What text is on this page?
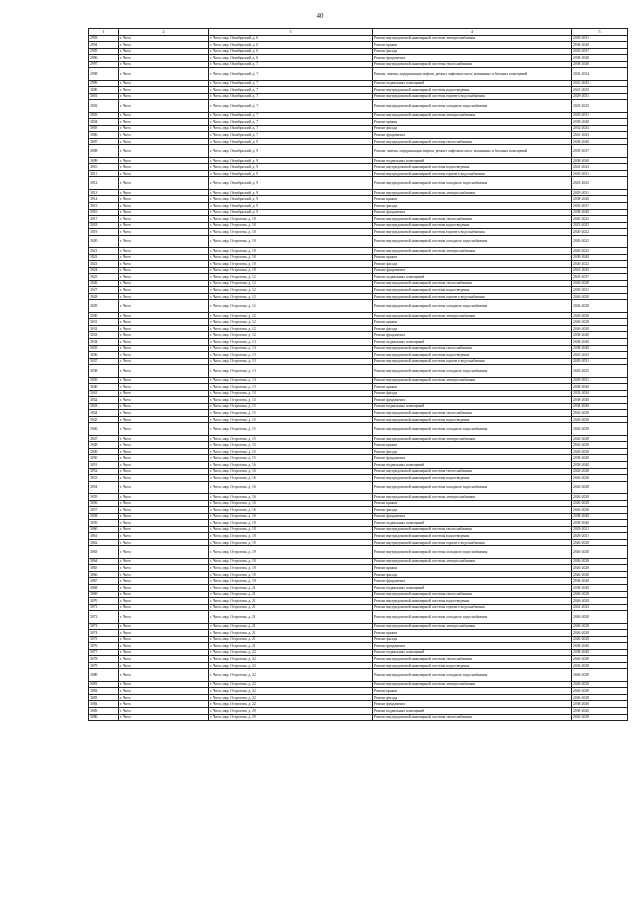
40
1	2	3	4	5
2993	г. Чита	г. Чита, мкр. Октябрьский, д. 6	Ремонт внутридомовой инженерной системы электроснабжения	2029-2031
2994	г. Чита	г. Чита, мкр. Октябрьский, д. 6	Ремонт крыши	2038-2040
2995	г. Чита	г. Чита, мкр. Октябрьский, д. 6	Ремонт фасада	2035-2037
2996	г. Чита	г. Чита, мкр. Октябрьский, д. 6	Ремонт фундамента	2038-2040
2997	г. Чита	г. Чита, мкр. Октябрьский, д. 7	Ремонт внутридомовой инженерной системы теплоснабжения	2038-2040
2998	г. Чита	г. Чита, мкр. Октябрьский, д. 7	Ремонт, замена, модернизация лифтов, ремонт лифтовых шахт, машинных и блочных помещений	2032-2034
2999	г. Чита	г. Чита, мкр. Октябрьский, д. 7	Ремонт подвальных помещений	2041-2043
3000	г. Чита	г. Чита, мкр. Октябрьский, д. 7	Ремонт внутридомовой инженерной системы водоотведения	2041-2043
3001	г. Чита	г. Чита, мкр. Октябрьский, д. 7	Ремонт внутридомовой инженерной системы горячего водоснабжения	2029-2031
3002	г. Чита	г. Чита, мкр. Октябрьский, д. 7	Ремонт внутридомовой инженерной системы холодного водоснабжения	2023-2025
3003	г. Чита	г. Чита, мкр. Октябрьский, д. 7	Ремонт внутридомовой инженерной системы электроснабжения	2029-2031
3004	г. Чита	г. Чита, мкр. Октябрьский, д. 7	Ремонт крыши	2038-2040
3005	г. Чита	г. Чита, мкр. Октябрьский, д. 7	Ремонт фасада	2032-2034
3006	г. Чита	г. Чита, мкр. Октябрьский, д. 7	Ремонт фундамента	2041-2043
3007	г. Чита	г. Чита, мкр. Октябрьский, д. 9	Ремонт внутридомовой инженерной системы теплоснабжения	2038-2040
3008	г. Чита	г. Чита, мкр. Октябрьский, д. 9	Ремонт, замена, модернизация лифтов, ремонт лифтовых шахт, машинных и блочных помещений	2035-2037
3009	г. Чита	г. Чита, мкр. Октябрьский, д. 9	Ремонт подвальных помещений	2038-2040
3010	г. Чита	г. Чита, мкр. Октябрьский, д. 9	Ремонт внутридомовой инженерной системы водоотведения	2041-2043
3011	г. Чита	г. Чита, мкр. Октябрьский, д. 9	Ремонт внутридомовой инженерной системы горячего водоснабжения	2029-2031
3012	г. Чита	г. Чита, мкр. Октябрьский, д. 9	Ремонт внутридомовой инженерной системы холодного водоснабжения	2023-2025
3013	г. Чита	г. Чита, мкр. Октябрьский, д. 9	Ремонт внутридомовой инженерной системы электроснабжения	2029-2031
3014	г. Чита	г. Чита, мкр. Октябрьский, д. 9	Ремонт крыши	2038-2040
3015	г. Чита	г. Чита, мкр. Октябрьский, д. 9	Ремонт фасада	2035-2037
3016	г. Чита	г. Чита, мкр. Октябрьский, д. 9	Ремонт фундамента	2038-2040
3017	г. Чита	г. Чита, мкр. Острогова, д. 10	Ремонт внутридомовой инженерной системы теплоснабжения	2020-2022
3018	г. Чита	г. Чита, мкр. Острогова, д. 10	Ремонт внутридомовой инженерной системы водоотведения	2023-2025
3019	г. Чита	г. Чита, мкр. Острогова, д. 10	Ремонт внутридомовой инженерной системы горячего водоснабжения	2020-2022
3020	г. Чита	г. Чита, мкр. Острогова, д. 10	Ремонт внутридомовой инженерной системы холодного водоснабжения	2020-2022
3021	г. Чита	г. Чита, мкр. Острогова, д. 10	Ремонт внутридомовой инженерной системы электроснабжения	2020-2022
3022	г. Чита	г. Чита, мкр. Острогова, д. 10	Ремонт крыши	2038-2040
3023	г. Чита	г. Чита, мкр. Острогова, д. 10	Ремонт фасада	2020-2022
3024	г. Чита	г. Чита, мкр. Острогова, д. 10	Ремонт фундамента	2041-2043
3025	г. Чита	г. Чита, мкр. Острогова, д. 12	Ремонт подвальных помещений	2035-2037
3026	г. Чита	г. Чита, мкр. Острогова, д. 12	Ремонт внутридомовой инженерной системы теплоснабжения	2026-2028
3027	г. Чита	г. Чита, мкр. Острогова, д. 12	Ремонт внутридомовой инженерной системы водоотведения	2029-2031
3028	г. Чита	г. Чита, мкр. Острогова, д. 12	Ремонт внутридомовой инженерной системы горячего водоснабжения	2026-2028
3029	г. Чита	г. Чита, мкр. Острогова, д. 12	Ремонт внутридомовой инженерной системы холодного водоснабжения	2026-2028
3030	г. Чита	г. Чита, мкр. Острогова, д. 12	Ремонт внутридомовой инженерной системы электроснабжения	2026-2028
3031	г. Чита	г. Чита, мкр. Острогова, д. 12	Ремонт крыши	2026-2028
3032	г. Чита	г. Чита, мкр. Острогова, д. 12	Ремонт фасада	2026-2028
3033	г. Чита	г. Чита, мкр. Острогова, д. 12	Ремонт фундамента	2038-2040
3034	г. Чита	г. Чита, мкр. Острогова, д. 13	Ремонт подвальных помещений	2038-2040
3035	г. Чита	г. Чита, мкр. Острогова, д. 13	Ремонт внутридомовой инженерной системы теплоснабжения	2038-2040
3036	г. Чита	г. Чита, мкр. Острогова, д. 13	Ремонт внутридомовой инженерной системы водоотведения	2041-2043
3037	г. Чита	г. Чита, мкр. Острогова, д. 13	Ремонт внутридомовой инженерной системы горячего водоснабжения	2029-2031
3038	г. Чита	г. Чита, мкр. Острогова, д. 13	Ремонт внутридомовой инженерной системы холодного водоснабжения	2023-2025
3039	г. Чита	г. Чита, мкр. Острогова, д. 13	Ремонт внутридомовой инженерной системы электроснабжения	2029-2031
3040	г. Чита	г. Чита, мкр. Острогова, д. 13	Ремонт крыши	2038-2040
3041	г. Чита	г. Чита, мкр. Острогова, д. 13	Ремонт фасада	2032-2034
3042	г. Чита	г. Чита, мкр. Острогова, д. 13	Ремонт фундамента	2038-2040
3043	г. Чита	г. Чита, мкр. Острогова, д. 15	Ремонт подвальных помещений	2038-2040
3044	г. Чита	г. Чита, мкр. Острогова, д. 15	Ремонт внутридомовой инженерной системы теплоснабжения	2026-2028
3045	г. Чита	г. Чита, мкр. Острогова, д. 15	Ремонт внутридомовой инженерной системы водоотведения	2026-2028
3046	г. Чита	г. Чита, мкр. Острогова, д. 15	Ремонт внутридомовой инженерной системы холодного водоснабжения	2026-2028
3047	г. Чита	г. Чита, мкр. Острогова, д. 15	Ремонт внутридомовой инженерной системы электроснабжения	2026-2028
3048	г. Чита	г. Чита, мкр. Острогова, д. 15	Ремонт крыши	2026-2028
3049	г. Чита	г. Чита, мкр. Острогова, д. 15	Ремонт фасада	2026-2028
3050	г. Чита	г. Чита, мкр. Острогова, д. 15	Ремонт фундамента	2038-2040
3051	г. Чита	г. Чита, мкр. Острогова, д. 16	Ремонт подвальных помещений	2038-2040
3052	г. Чита	г. Чита, мкр. Острогова, д. 16	Ремонт внутридомовой инженерной системы теплоснабжения	2026-2028
3053	г. Чита	г. Чита, мкр. Острогова, д. 16	Ремонт внутридомовой инженерной системы водоотведения	2026-2028
3054	г. Чита	г. Чита, мкр. Острогова, д. 16	Ремонт внутридомовой инженерной системы холодного водоснабжения	2026-2028
3055	г. Чита	г. Чита, мкр. Острогова, д. 16	Ремонт внутридомовой инженерной системы электроснабжения	2026-2028
3056	г. Чита	г. Чита, мкр. Острогова, д. 16	Ремонт крыши	2026-2028
3057	г. Чита	г. Чита, мкр. Острогова, д. 16	Ремонт фасада	2026-2028
3058	г. Чита	г. Чита, мкр. Острогова, д. 16	Ремонт фундамента	2038-2040
3059	г. Чита	г. Чита, мкр. Острогова, д. 19	Ремонт подвальных помещений	2038-2040
3060	г. Чита	г. Чита, мкр. Острогова, д. 19	Ремонт внутридомовой инженерной системы теплоснабжения	2029-2031
3061	г. Чита	г. Чита, мкр. Острогова, д. 19	Ремонт внутридомовой инженерной системы водоотведения	2029-2031
3062	г. Чита	г. Чита, мкр. Острогова, д. 19	Ремонт внутридомовой инженерной системы горячего водоснабжения	2026-2028
3063	г. Чита	г. Чита, мкр. Острогова, д. 19	Ремонт внутридомовой инженерной системы холодного водоснабжения	2026-2028
3064	г. Чита	г. Чита, мкр. Острогова, д. 19	Ремонт внутридомовой инженерной системы электроснабжения	2026-2028
3065	г. Чита	г. Чита, мкр. Острогова, д. 19	Ремонт крыши	2026-2028
3066	г. Чита	г. Чита, мкр. Острогова, д. 19	Ремонт фасада	2026-2028
3067	г. Чита	г. Чита, мкр. Острогова, д. 19	Ремонт фундамента	2038-2040
3068	г. Чита	г. Чита, мкр. Острогова, д. 21	Ремонт подвальных помещений	2038-2040
3069	г. Чита	г. Чита, мкр. Острогова, д. 21	Ремонт внутридомовой инженерной системы теплоснабжения	2026-2028
3070	г. Чита	г. Чита, мкр. Острогова, д. 21	Ремонт внутридомовой инженерной системы водоотведения	2026-2028
3071	г. Чита	г. Чита, мкр. Острогова, д. 21	Ремонт внутридомовой инженерной системы горячего водоснабжения	2041-2043
3072	г. Чита	г. Чита, мкр. Острогова, д. 21	Ремонт внутридомовой инженерной системы холодного водоснабжения	2026-2028
3073	г. Чита	г. Чита, мкр. Острогова, д. 21	Ремонт внутридомовой инженерной системы электроснабжения	2026-2028
3074	г. Чита	г. Чита, мкр. Острогова, д. 21	Ремонт крыши	2026-2028
3075	г. Чита	г. Чита, мкр. Острогова, д. 21	Ремонт фасада	2026-2028
3076	г. Чита	г. Чита, мкр. Острогова, д. 21	Ремонт фундамента	2038-2040
3077	г. Чита	г. Чита, мкр. Острогова, д. 22	Ремонт подвальных помещений	2038-2040
3078	г. Чита	г. Чита, мкр. Острогова, д. 22	Ремонт внутридомовой инженерной системы теплоснабжения	2026-2028
3079	г. Чита	г. Чита, мкр. Острогова, д. 22	Ремонт внутридомовой инженерной системы водоотведения	2026-2028
3080	г. Чита	г. Чита, мкр. Острогова, д. 22	Ремонт внутридомовой инженерной системы холодного водоснабжения	2026-2028
3081	г. Чита	г. Чита, мкр. Острогова, д. 22	Ремонт внутридомовой инженерной системы электроснабжения	2026-2028
3082	г. Чита	г. Чита, мкр. Острогова, д. 22	Ремонт крыши	2026-2028
3083	г. Чита	г. Чита, мкр. Острогова, д. 22	Ремонт фасада	2026-2028
3084	г. Чита	г. Чита, мкр. Острогова, д. 22	Ремонт фундамента	2038-2040
3085	г. Чита	г. Чита, мкр. Острогова, д. 29	Ремонт подвальных помещений	2038-2040
3086	г. Чита	г. Чита, мкр. Острогова, д. 29	Ремонт внутридомовой инженерной системы теплоснабжения	2026-2028
